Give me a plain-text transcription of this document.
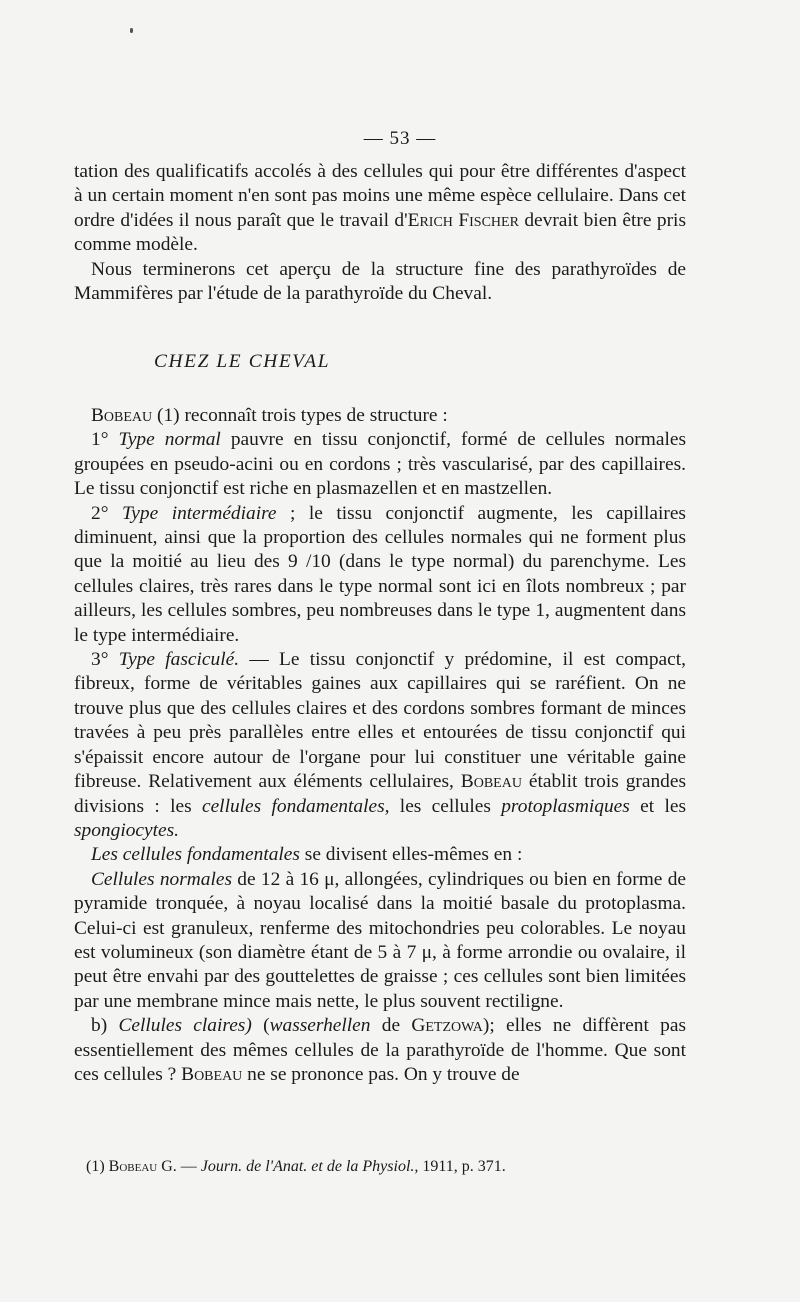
— 53 —

tation des qualificatifs accolés à des cellules qui pour être différentes d'aspect à un certain moment n'en sont pas moins une même espèce cellulaire. Dans cet ordre d'idées il nous paraît que le travail d'Erich Fischer devrait bien être pris comme modèle.

Nous terminerons cet aperçu de la structure fine des parathyroïdes de Mammifères par l'étude de la parathyroïde du Cheval.

CHEZ LE CHEVAL

Bobeau (1) reconnaît trois types de structure :

1° Type normal pauvre en tissu conjonctif, formé de cellules normales groupées en pseudo-acini ou en cordons ; très vascularisé, par des capillaires. Le tissu conjonctif est riche en plasmazellen et en mastzellen.

2° Type intermédiaire ; le tissu conjonctif augmente, les capillaires diminuent, ainsi que la proportion des cellules normales qui ne forment plus que la moitié au lieu des 9 /10 (dans le type normal) du parenchyme. Les cellules claires, très rares dans le type normal sont ici en îlots nombreux ; par ailleurs, les cellules sombres, peu nombreuses dans le type 1, augmentent dans le type intermédiaire.

3° Type fasciculé. — Le tissu conjonctif y prédomine, il est compact, fibreux, forme de véritables gaines aux capillaires qui se raréfient. On ne trouve plus que des cellules claires et des cordons sombres formant de minces travées à peu près parallèles entre elles et entourées de tissu conjonctif qui s'épaissit encore autour de l'organe pour lui constituer une véritable gaine fibreuse. Relativement aux éléments cellulaires, Bobeau établit trois grandes divisions : les cellules fondamentales, les cellules protoplasmiques et les spongiocytes.

Les cellules fondamentales se divisent elles-mêmes en :

Cellules normales de 12 à 16 μ, allongées, cylindriques ou bien en forme de pyramide tronquée, à noyau localisé dans la moitié basale du protoplasma. Celui-ci est granuleux, renferme des mitochondries peu colorables. Le noyau est volumineux (son diamètre étant de 5 à 7 μ, à forme arrondie ou ovalaire, il peut être envahi par des gouttelettes de graisse ; ces cellules sont bien limitées par une membrane mince mais nette, le plus souvent rectiligne.

b) Cellules claires) (wasserhellen de Getzowa); elles ne diffèrent pas essentiellement des mêmes cellules de la parathyroïde de l'homme. Que sont ces cellules ? Bobeau ne se prononce pas. On y trouve de

(1) Bobeau G. — Journ. de l'Anat. et de la Physiol., 1911, p. 371.
